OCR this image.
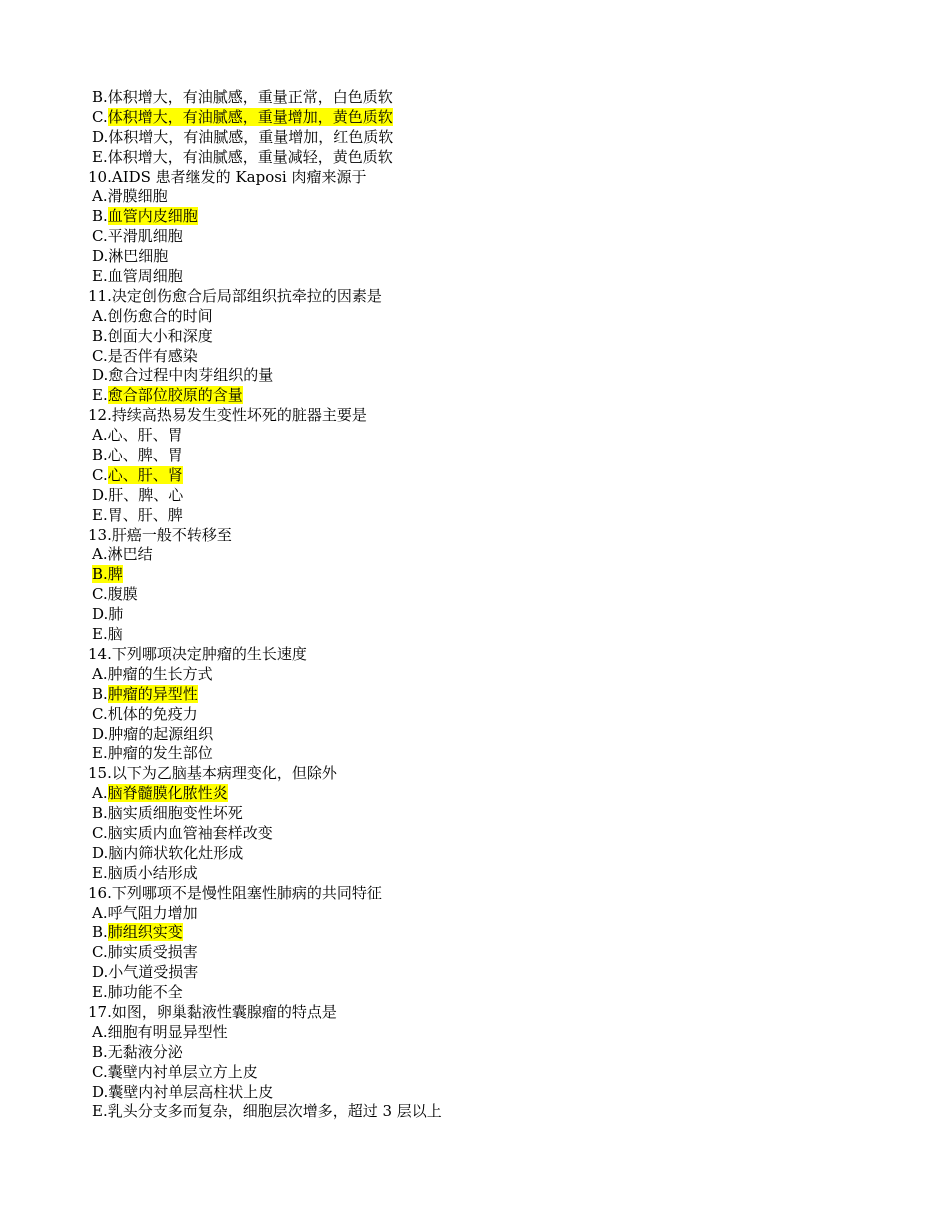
B.体积增大，有油腻感，重量正常，白色质软
C.体积增大，有油腻感，重量增加，黄色质软
D.体积增大，有油腻感，重量增加，红色质软
E.体积增大，有油腻感，重量减轻，黄色质软
10.AIDS 患者继发的 Kaposi 肉瘤来源于
A.滑膜细胞
B.血管内皮细胞
C.平滑肌细胞
D.淋巴细胞
E.血管周细胞
11.决定创伤愈合后局部组织抗牵拉的因素是
A.创伤愈合的时间
B.创面大小和深度
C.是否伴有感染
D.愈合过程中肉芽组织的量
E.愈合部位胶原的含量
12.持续高热易发生变性坏死的脏器主要是
A.心、肝、胃
B.心、脾、胃
C.心、肝、肾
D.肝、脾、心
E.胃、肝、脾
13.肝癌一般不转移至
A.淋巴结
B.脾
C.腹膜
D.肺
E.脑
14.下列哪项决定肿瘤的生长速度
A.肿瘤的生长方式
B.肿瘤的异型性
C.机体的免疫力
D.肿瘤的起源组织
E.肿瘤的发生部位
15.以下为乙脑基本病理变化，但除外
A.脑脊髓膜化脓性炎
B.脑实质细胞变性坏死
C.脑实质内血管袖套样改变
D.脑内筛状软化灶形成
E.脑质小结形成
16.下列哪项不是慢性阻塞性肺病的共同特征
A.呼气阻力增加
B.肺组织实变
C.肺实质受损害
D.小气道受损害
E.肺功能不全
17.如图，卵巢黏液性囊腺瘤的特点是
A.细胞有明显异型性
B.无黏液分泌
C.囊壁内衬单层立方上皮
D.囊壁内衬单层高柱状上皮
E.乳头分支多而复杂，细胞层次增多，超过 3 层以上
